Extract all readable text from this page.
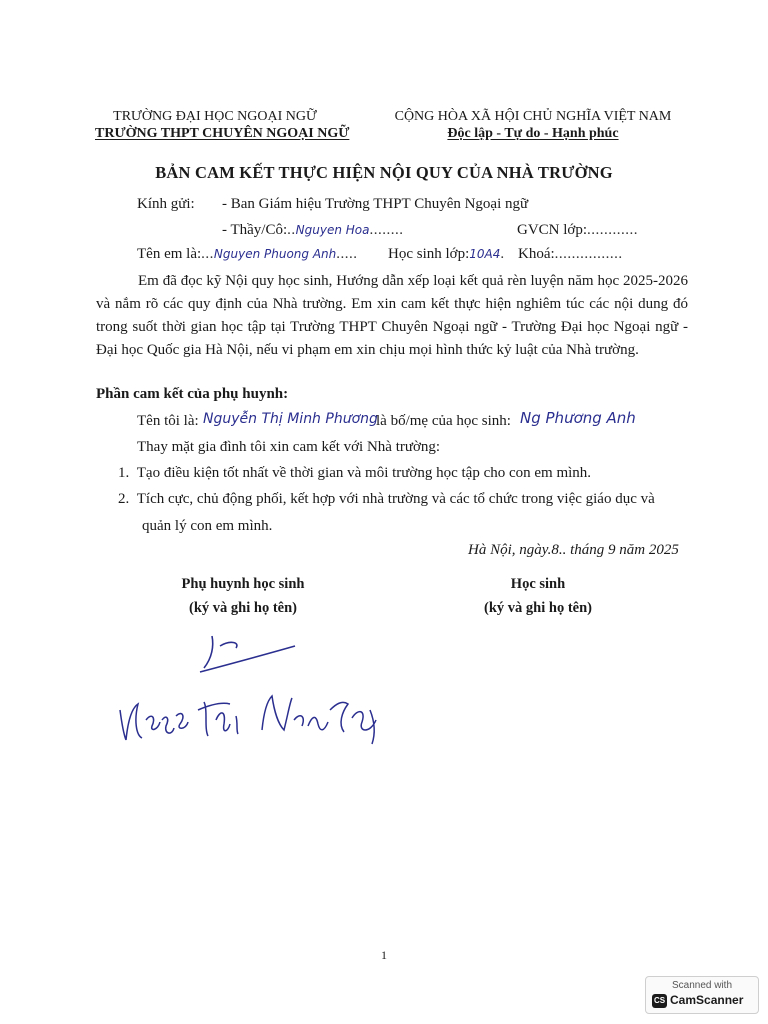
TRƯỜNG ĐẠI HỌC NGOẠI NGỮ
TRƯỜNG THPT CHUYÊN NGOẠI NGỮ
CỘNG HÒA XÃ HỘI CHỦ NGHĨA VIỆT NAM
Độc lập - Tự do - Hạnh phúc
BẢN CAM KẾT THỰC HIỆN NỘI QUY CỦA NHÀ TRƯỜNG
Kính gửi: - Ban Giám hiệu Trường THPT Chuyên Ngoại ngữ
- Thầy/Cô:..Nguyen Hoa........	GVCN lớp:............
Tên em là:...Nguyen Phuong Anh..... Học sinh lớp:10A4. Khoá:................

Em đã đọc kỹ Nội quy học sinh, Hướng dẫn xếp loại kết quả rèn luyện năm học 2025-2026 và nắm rõ các quy định của Nhà trường. Em xin cam kết thực hiện nghiêm túc các nội dung đó trong suốt thời gian học tập tại Trường THPT Chuyên Ngoại ngữ - Trường Đại học Ngoại ngữ - Đại học Quốc gia Hà Nội, nếu vi phạm em xin chịu mọi hình thức kỷ luật của Nhà trường.

Phần cam kết của phụ huynh:
Tên tôi là: Nguyễn Thị Minh Phương
là bố/mẹ của học sinh: Ng Phương Anh
Thay mặt gia đình tôi xin cam kết với Nhà trường:
1. Tạo điều kiện tốt nhất về thời gian và môi trường học tập cho con em mình.
2. Tích cực, chủ động phối, kết hợp với nhà trường và các tổ chức trong việc giáo dục và
quản lý con em mình.
Hà Nội, ngày.8.. tháng 9 năm 2025
Phụ huynh học sinh
(ký và ghi họ tên)
Học sinh
(ký và ghi họ tên)
1
Scanned with
CS CamScanner
